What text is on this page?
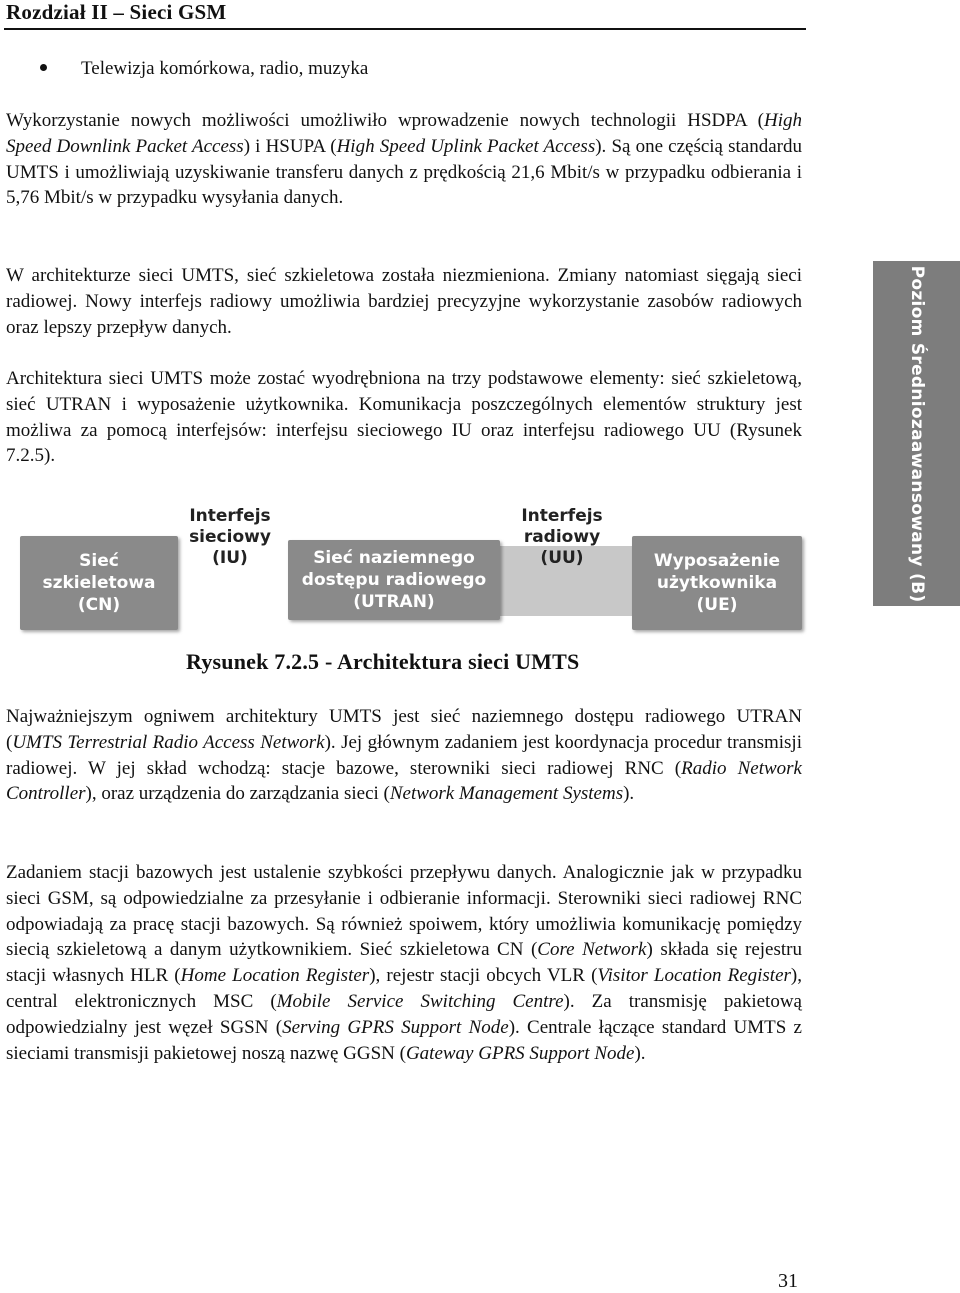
Rozdział II – Sieci GSM
Telewizja komórkowa, radio, muzyka

Wykorzystanie nowych możliwości umożliwiło wprowadzenie nowych technologii HSDPA (High Speed Downlink Packet Access) i HSUPA (High Speed Uplink Packet Access). Są one częścią standardu UMTS i umożliwiają uzyskiwanie transferu danych z prędkością 21,6 Mbit/s w przypadku odbierania i 5,76 Mbit/s w przypadku wysyłania danych.

W architekturze sieci UMTS, sieć szkieletowa została niezmieniona. Zmiany natomiast sięgają sieci radiowej. Nowy interfejs radiowy umożliwia bardziej precyzyjne wykorzystanie zasobów radiowych oraz lepszy przepływ danych.

Architektura sieci UMTS może zostać wyodrębniona na trzy podstawowe elementy: sieć szkieletową, sieć UTRAN i wyposażenie użytkownika. Komunikacja poszczególnych elementów struktury jest możliwa za pomocą interfejsów: interfejsu sieciowego IU oraz interfejsu radiowego UU (Rysunek 7.2.5).	Poziom Średniozaawansowany (B)
Interfejs
sieciowy
(IU)
Interfejs
radiowy
(UU)
Sieć
szkieletowa
(CN)
Sieć naziemnego
dostępu radiowego
(UTRAN)
Wyposażenie
użytkownika
(UE)
Rysunek 7.2.5 - Architektura sieci UMTS

Najważniejszym ogniwem architektury UMTS jest sieć naziemnego dostępu radiowego UTRAN (UMTS Terrestrial Radio Access Network). Jej głównym zadaniem jest koordynacja procedur transmisji radiowej. W jej skład wchodzą: stacje bazowe, sterowniki sieci radiowej RNC (Radio Network Controller), oraz urządzenia do zarządzania sieci (Network Management Systems).

Zadaniem stacji bazowych jest ustalenie szybkości przepływu danych. Analogicznie jak w przypadku sieci GSM, są odpowiedzialne za przesyłanie i odbieranie informacji. Sterowniki sieci radiowej RNC odpowiadają za pracę stacji bazowych. Są również spoiwem, który umożliwia komunikację pomiędzy siecią szkieletową a danym użytkownikiem. Sieć szkieletowa CN (Core Network) składa się rejestru stacji własnych HLR (Home Location Register), rejestr stacji obcych VLR (Visitor Location Register), central elektronicznych MSC (Mobile Service Switching Centre). Za transmisję pakietową odpowiedzialny jest węzeł SGSN (Serving GPRS Support Node). Centrale łączące standard UMTS z sieciami transmisji pakietowej noszą nazwę GGSN (Gateway GPRS Support Node).

31
